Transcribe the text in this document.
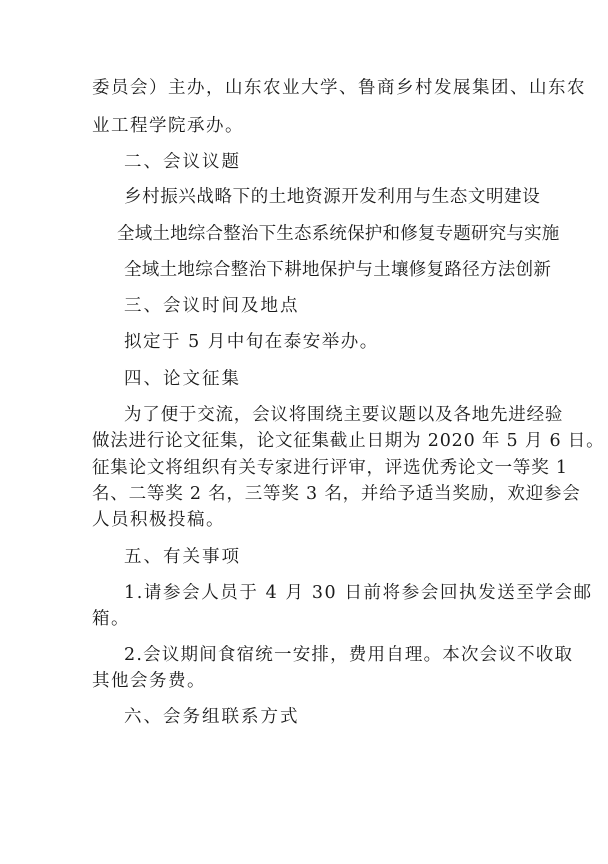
委员会）主办，山东农业大学、鲁商乡村发展集团、山东农
业工程学院承办。
二、会议议题
乡村振兴战略下的土地资源开发利用与生态文明建设
全域土地综合整治下生态系统保护和修复专题研究与实施
全域土地综合整治下耕地保护与土壤修复路径方法创新
三、会议时间及地点
拟定于 5 月中旬在泰安举办。
四、论文征集
为了便于交流，会议将围绕主要议题以及各地先进经验
做法进行论文征集，论文征集截止日期为 2020 年 5 月 6 日。
征集论文将组织有关专家进行评审，评选优秀论文一等奖 1
名、二等奖 2 名，三等奖 3 名，并给予适当奖励，欢迎参会
人员积极投稿。
五、有关事项
1.请参会人员于 4 月 30 日前将参会回执发送至学会邮
箱。
2.会议期间食宿统一安排，费用自理。本次会议不收取
其他会务费。
六、会务组联系方式
